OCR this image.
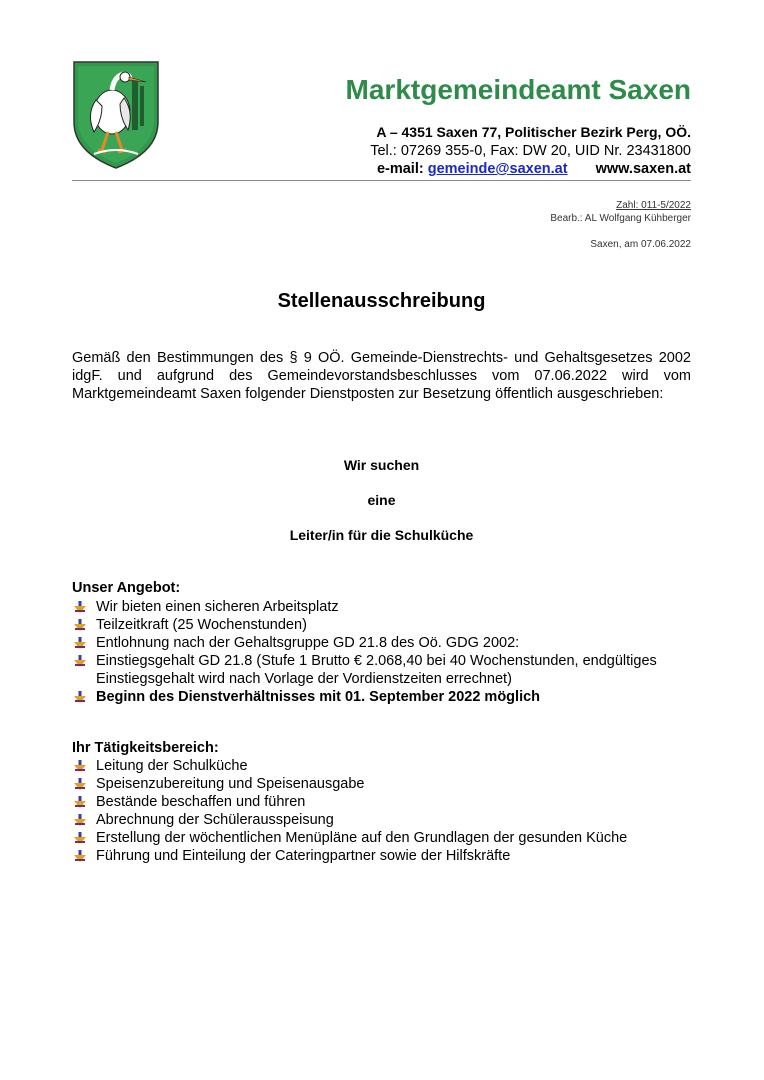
Marktgemeindeamt Saxen
A – 4351 Saxen 77, Politischer Bezirk Perg, OÖ.
Tel.: 07269 355-0, Fax: DW 20, UID Nr. 23431800
e-mail: gemeinde@saxen.at www.saxen.at
Zahl: 011-5/2022
Bearb.: AL Wolfgang Kühberger
Saxen, am 07.06.2022
Stellenausschreibung
Gemäß den Bestimmungen des § 9 OÖ. Gemeinde-Dienstrechts- und Gehaltsgesetzes 2002 idgF. und aufgrund des Gemeindevorstandsbeschlusses vom 07.06.2022 wird vom Marktgemeindeamt Saxen folgender Dienstposten zur Besetzung öffentlich ausgeschrieben:
Wir suchen
eine
Leiter/in für die Schulküche
Unser Angebot:
Wir bieten einen sicheren Arbeitsplatz
Teilzeitkraft (25 Wochenstunden)
Entlohnung nach der Gehaltsgruppe GD 21.8 des Oö. GDG 2002:
Einstiegsgehalt GD 21.8 (Stufe 1 Brutto € 2.068,40 bei 40 Wochenstunden, endgültiges Einstiegsgehalt wird nach Vorlage der Vordienstzeiten errechnet)
Beginn des Dienstverhältnisses mit 01. September 2022 möglich
Ihr Tätigkeitsbereich:
Leitung der Schulküche
Speisenzubereitung und Speisenausgabe
Bestände beschaffen und führen
Abrechnung der Schülerausspeisung
Erstellung der wöchentlichen Menüpläne auf den Grundlagen der gesunden Küche
Führung und Einteilung der Cateringpartner sowie der Hilfskräfte
